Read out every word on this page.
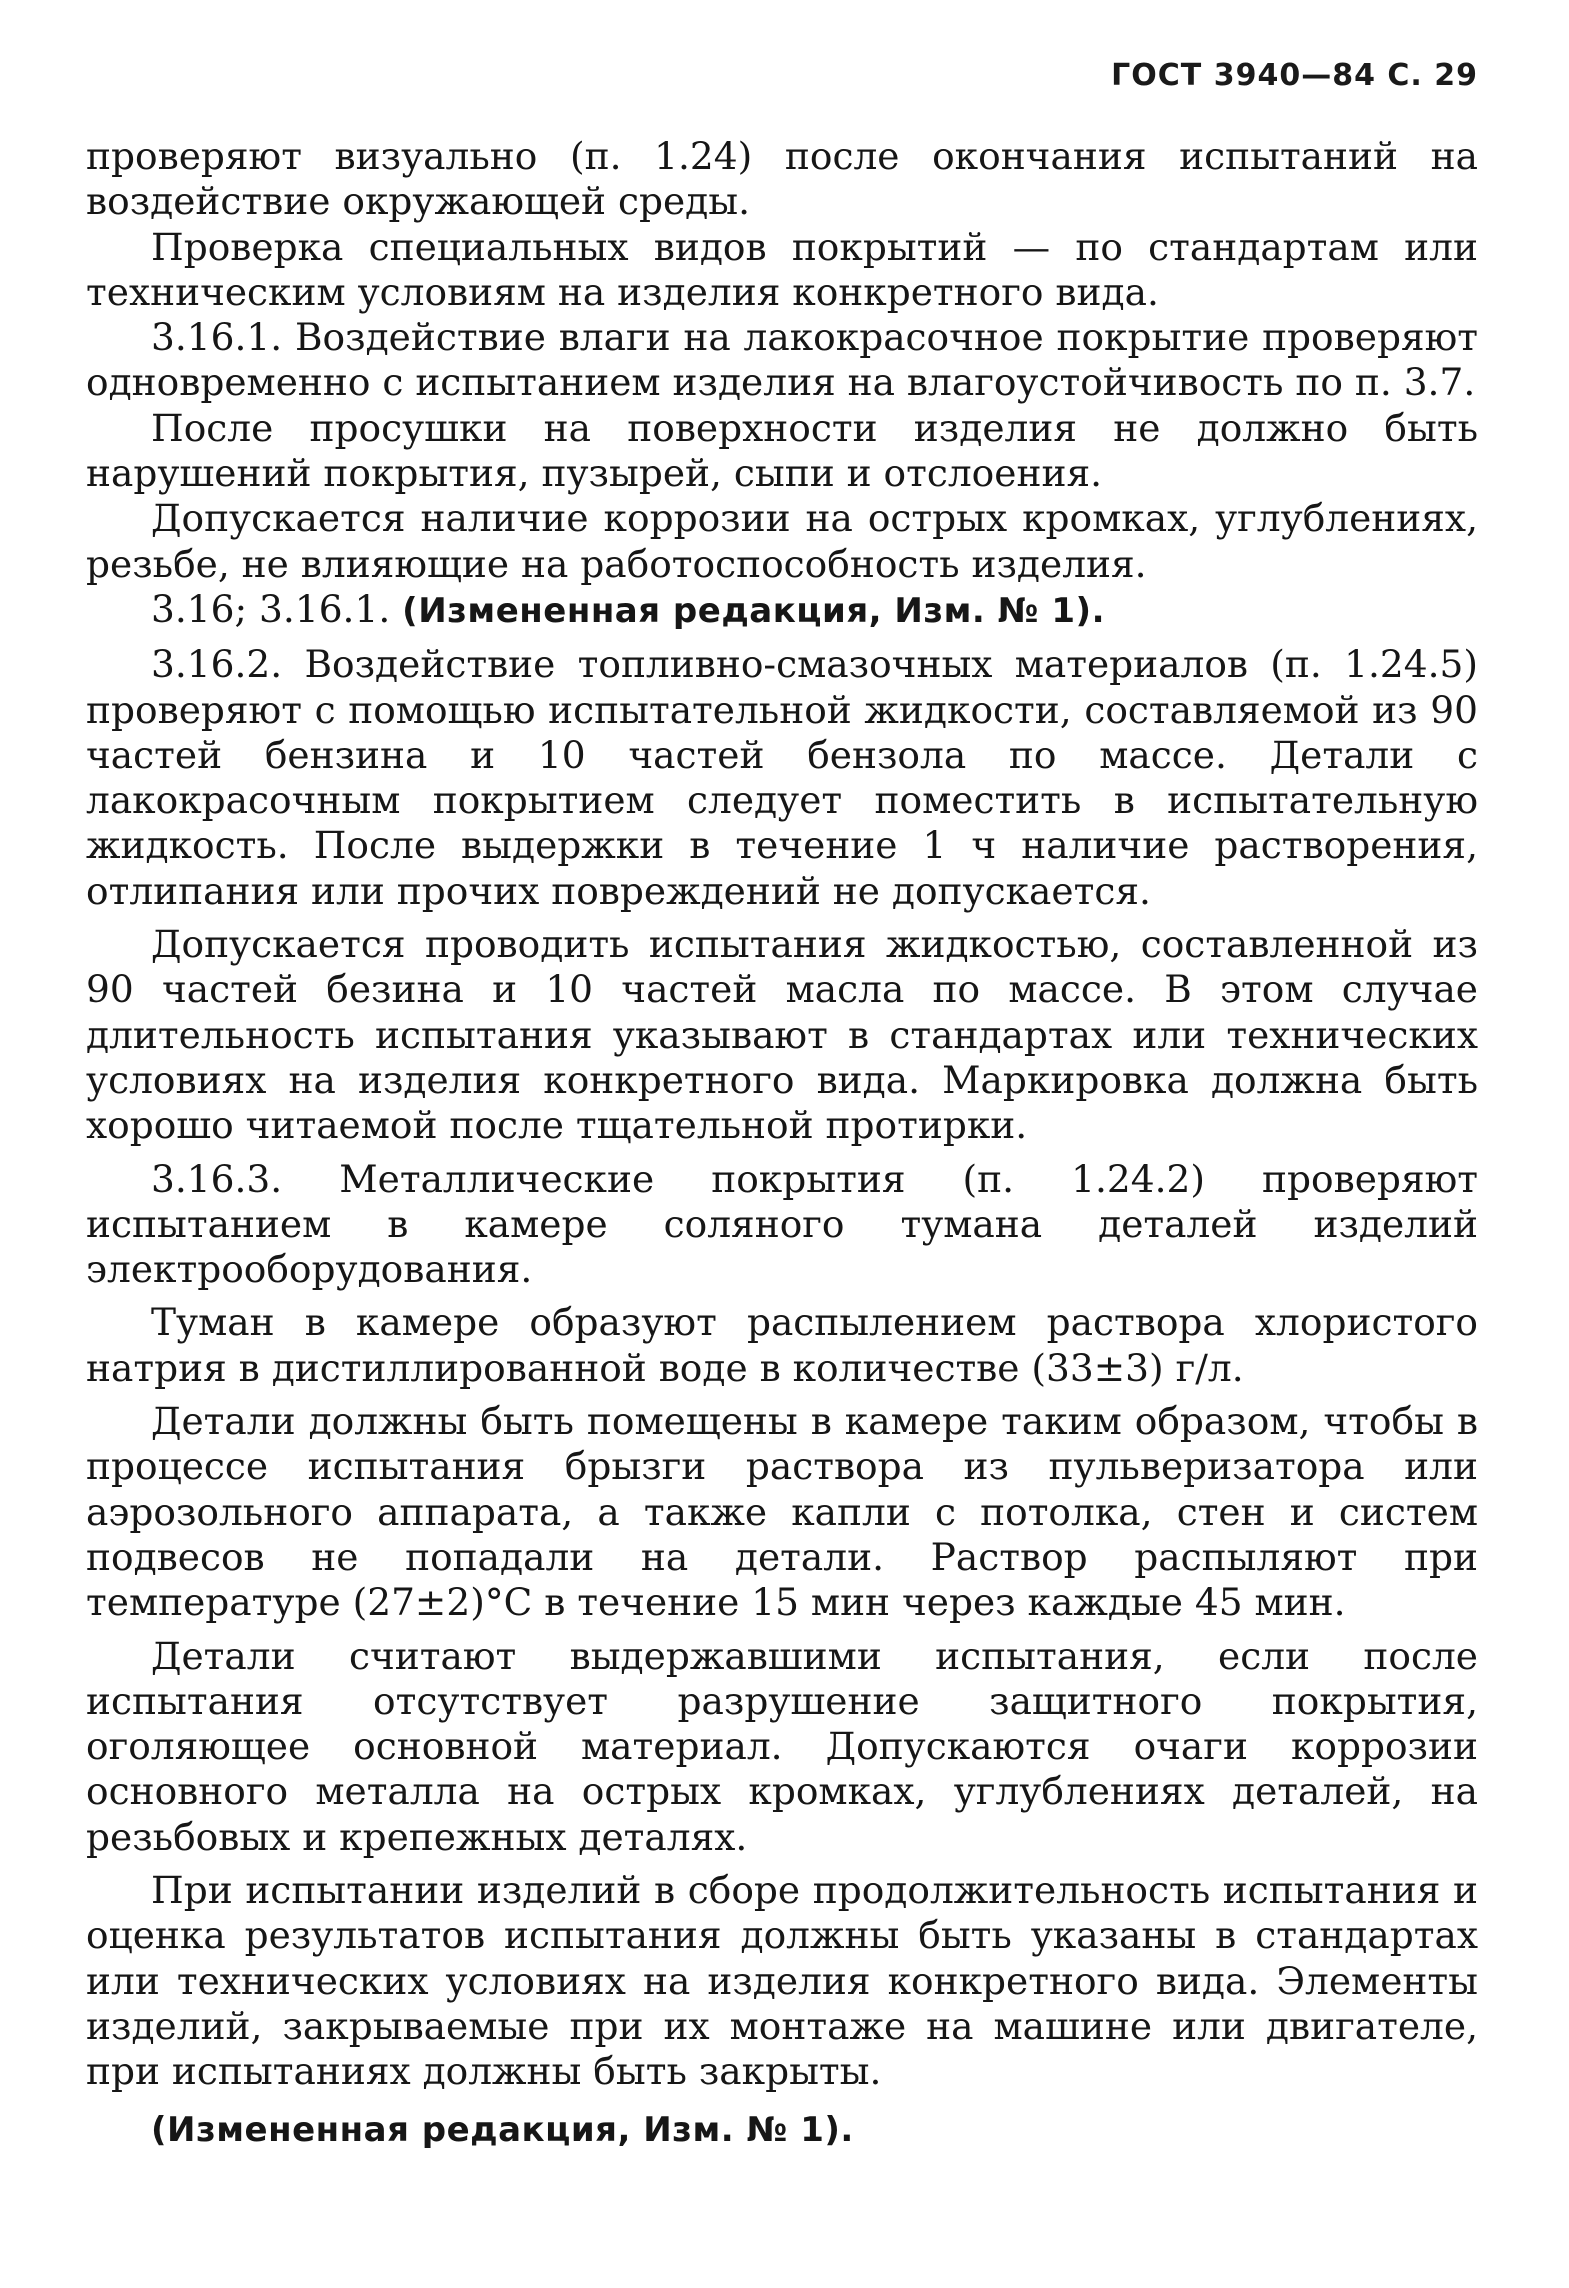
ГОСТ 3940—84 С. 29

проверяют визуально (п. 1.24) после окончания испытаний на воздействие окружающей среды.

Проверка специальных видов покрытий — по стандартам или техническим условиям на изделия конкретного вида.

3.16.1. Воздействие влаги на лакокрасочное покрытие проверяют одновременно с испытанием изделия на влагоустойчивость по п. 3.7.

После просушки на поверхности изделия не должно быть нарушений покрытия, пузырей, сыпи и отслоения.

Допускается наличие коррозии на острых кромках, углублениях, резьбе, не влияющие на работоспособность изделия.

3.16; 3.16.1. (Измененная редакция, Изм. № 1).

3.16.2. Воздействие топливно-смазочных материалов (п. 1.24.5) проверяют с помощью испытательной жидкости, составляемой из 90 частей бензина и 10 частей бензола по массе. Детали с лакокрасочным покрытием следует поместить в испытательную жидкость. После выдержки в течение 1 ч наличие растворения, отлипания или прочих повреждений не допускается.

Допускается проводить испытания жидкостью, составленной из 90 частей безина и 10 частей масла по массе. В этом случае длительность испытания указывают в стандартах или технических условиях на изделия конкретного вида. Маркировка должна быть хорошо читаемой после тщательной протирки.

3.16.3. Металлические покрытия (п. 1.24.2) проверяют испытанием в камере соляного тумана деталей изделий электрооборудования.

Туман в камере образуют распылением раствора хлористого натрия в дистиллированной воде в количестве (33±3) г/л.

Детали должны быть помещены в камере таким образом, чтобы в процессе испытания брызги раствора из пульверизатора или аэрозольного аппарата, а также капли с потолка, стен и систем подвесов не попадали на детали. Раствор распыляют при температуре (27±2)°С в течение 15 мин через каждые 45 мин.

Детали считают выдержавшими испытания, если после испытания отсутствует разрушение защитного покрытия, оголяющее основной материал. Допускаются очаги коррозии основного металла на острых кромках, углублениях деталей, на резьбовых и крепежных деталях.

При испытании изделий в сборе продолжительность испытания и оценка результатов испытания должны быть указаны в стандартах или технических условиях на изделия конкретного вида. Элементы изделий, закрываемые при их монтаже на машине или двигателе, при испытаниях должны быть закрыты.

(Измененная редакция, Изм. № 1).
